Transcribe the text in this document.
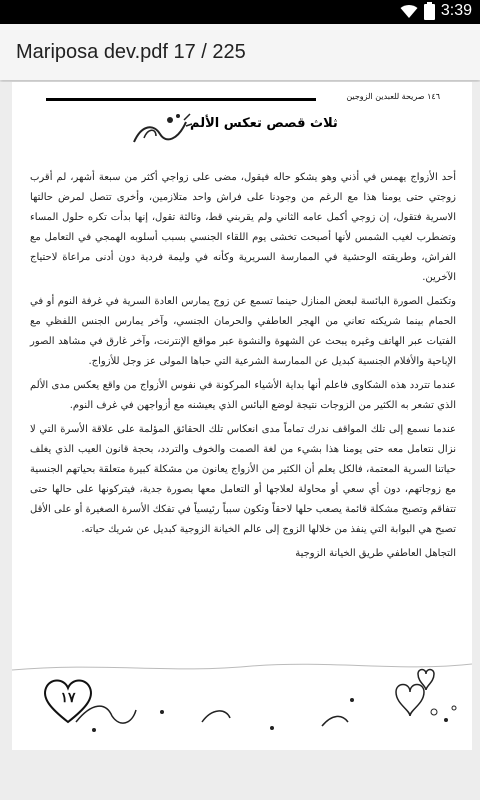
3:39
Mariposa dev.pdf 17 / 225
١٤٦ صريحة للعبدين الزوجين
ثلاث قصص تعكس الألم

أحد الأزواج يهمس في أذني وهو يشكو حاله فيقول، مضى على زواجي أكثر من سبعة أشهر، لم أقرب زوجتي حتى يومنا هذا مع الرغم من وجودنا على فراش واحد متلازمين، وأخرى تتصل لمرض حالتها الاسرية فتقول، إن زوجي أكمل عامه الثاني ولم يقربني قط، وثالثة تقول، إنها بدأت تكره حلول المساء وتضطرب لغيب الشمس لأنها أصبحت تخشى يوم اللقاء الجنسي بسبب أسلوبه الهمجي في التعامل مع الفراش، وطريقته الوحشية في الممارسة السريرية وكأنه في وليمة فردية دون أدنى مراعاة لاحتياج الآخرين.

وتكتمل الصورة البائسة لبعض المنازل حينما تسمع عن زوج يمارس العادة السرية في غرفة النوم أو في الحمام بينما شريكته تعاني من الهجر العاطفي والحرمان الجنسي، وآخر يمارس الجنس اللفظي مع الفتيات عبر الهاتف وغيره يبحث عن الشهوة والنشوة عبر مواقع الإنترنت، وآخر غارق في مشاهد الصور الإباحية والأفلام الجنسية كبديل عن الممارسة الشرعية التي حباها المولى عز وجل للأزواج.

عندما تتردد هذه الشكاوى فاعلم أنها بداية الأشياء المركونة في نفوس الأزواج من واقع يعكس مدى الألم الذي تشعر به الكثير من الزوجات نتيجة لوضع البائس الذي يعيشنه مع أزواجهن في غرف النوم.

عندما نسمع إلى تلك المواقف ندرك تماماً مدى انعكاس تلك الحقائق المؤلمة على علاقة الأسرة التي لا نزال نتعامل معه حتى يومنا هذا بشيء من لغة الصمت والخوف والتردد، بحجة قانون العيب الذي يغلف حياتنا السرية المعتمة، فالكل يعلم أن الكثير من الأزواج يعانون من مشكلة كبيرة متعلقة بحياتهم الجنسية مع زوجاتهم، دون أي سعي أو محاولة لعلاجها أو التعامل معها بصورة جدية، فيتركونها على حالها حتى تتفاقم وتصبح مشكلة قائمة يصعب حلها لاحقاً وتكون سبباً رئيسياً في تفكك الأسرة الصغيرة أو على الأقل تصبح هي البوابة التي ينفذ من خلالها الزوج إلى عالم الخيانة الزوجية كبديل عن شريك حياته.

التجاهل العاطفي طريق الخيانة الزوجية

١٧
